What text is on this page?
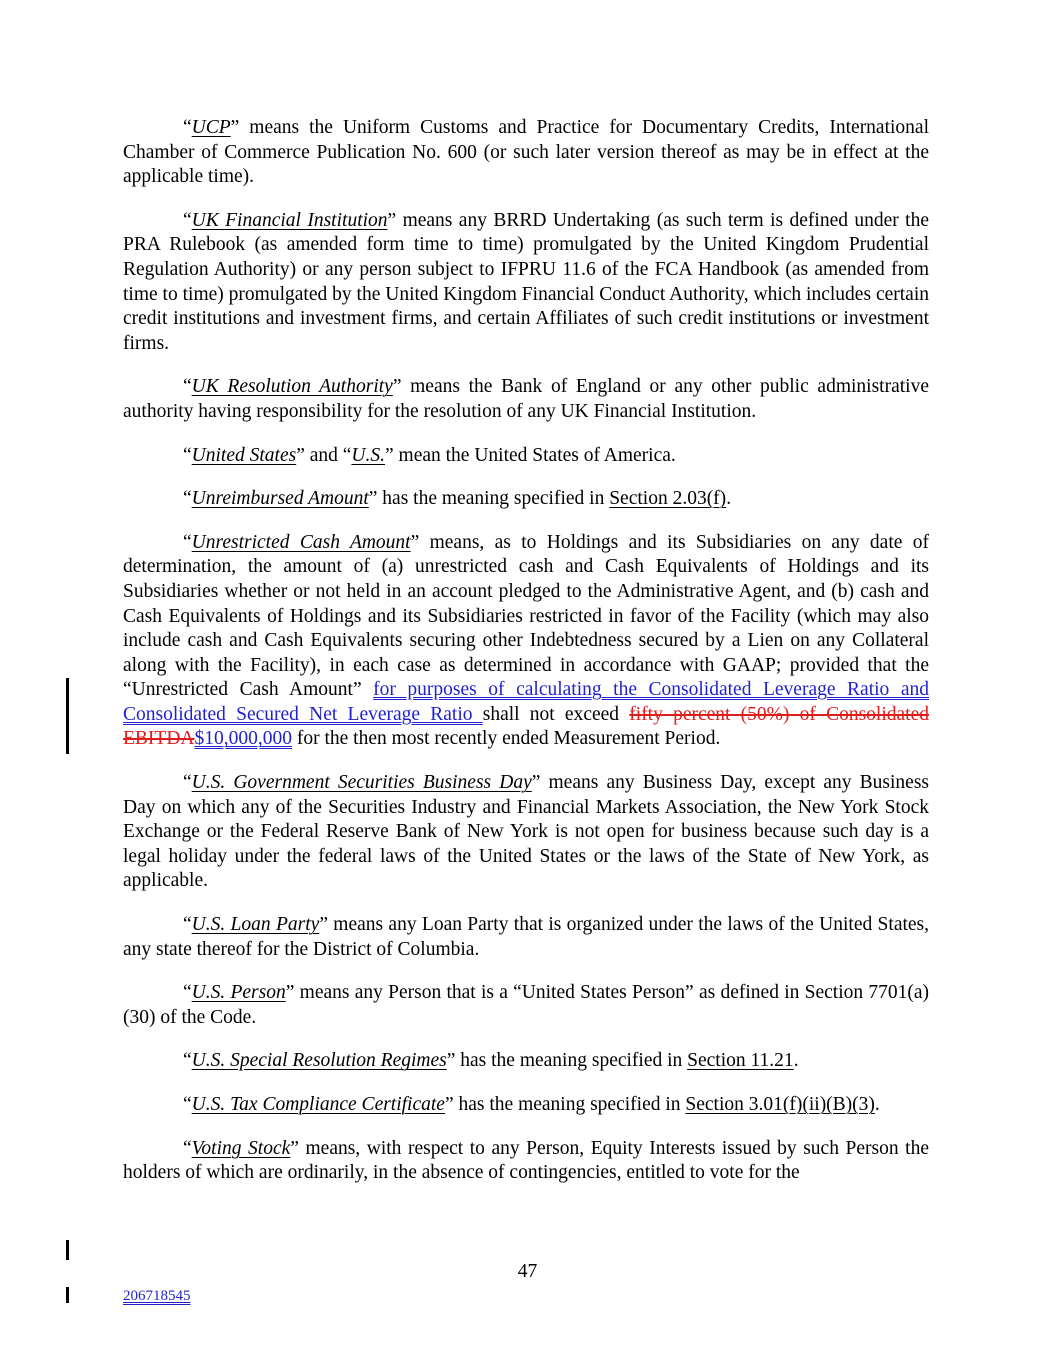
“UCP” means the Uniform Customs and Practice for Documentary Credits, International Chamber of Commerce Publication No. 600 (or such later version thereof as may be in effect at the applicable time).

“UK Financial Institution” means any BRRD Undertaking (as such term is defined under the PRA Rulebook (as amended form time to time) promulgated by the United Kingdom Prudential Regulation Authority) or any person subject to IFPRU 11.6 of the FCA Handbook (as amended from time to time) promulgated by the United Kingdom Financial Conduct Authority, which includes certain credit institutions and investment firms, and certain Affiliates of such credit institutions or investment firms.

“UK Resolution Authority” means the Bank of England or any other public administrative authority having responsibility for the resolution of any UK Financial Institution.

“United States” and “U.S.” mean the United States of America.

“Unreimbursed Amount” has the meaning specified in Section 2.03(f).

“Unrestricted Cash Amount” means, as to Holdings and its Subsidiaries on any date of determination, the amount of (a) unrestricted cash and Cash Equivalents of Holdings and its Subsidiaries whether or not held in an account pledged to the Administrative Agent, and (b) cash and Cash Equivalents of Holdings and its Subsidiaries restricted in favor of the Facility (which may also include cash and Cash Equivalents securing other Indebtedness secured by a Lien on any Collateral along with the Facility), in each case as determined in accordance with GAAP; provided that the “Unrestricted Cash Amount” for purposes of calculating the Consolidated Leverage Ratio and Consolidated Secured Net Leverage Ratio shall not exceed fifty percent (50%) of Consolidated EBITDA$10,000,000 for the then most recently ended Measurement Period.

“U.S. Government Securities Business Day” means any Business Day, except any Business Day on which any of the Securities Industry and Financial Markets Association, the New York Stock Exchange or the Federal Reserve Bank of New York is not open for business because such day is a legal holiday under the federal laws of the United States or the laws of the State of New York, as applicable.

“U.S. Loan Party” means any Loan Party that is organized under the laws of the United States, any state thereof for the District of Columbia.

“U.S. Person” means any Person that is a “United States Person” as defined in Section 7701(a)(30) of the Code.

“U.S. Special Resolution Regimes” has the meaning specified in Section 11.21.

“U.S. Tax Compliance Certificate” has the meaning specified in Section 3.01(f)(ii)(B)(3).

“Voting Stock” means, with respect to any Person, Equity Interests issued by such Person the holders of which are ordinarily, in the absence of contingencies, entitled to vote for the

47
206718545
